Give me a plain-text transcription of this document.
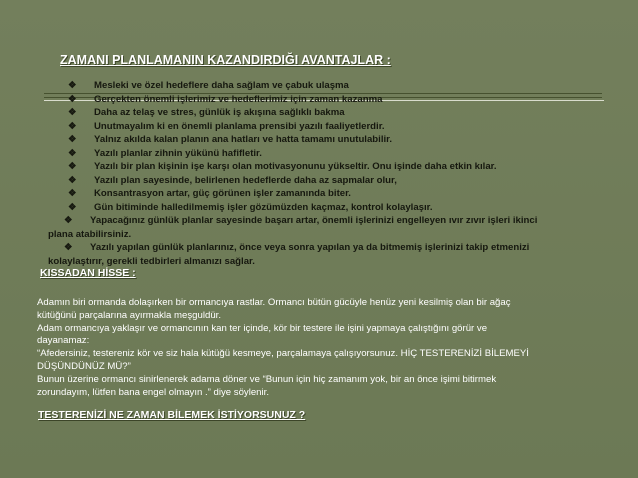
ZAMANI PLANLAMANIN KAZANDIRDIĞI AVANTAJLAR :
❖ Mesleki ve özel hedeflere daha sağlam ve çabuk ulaşma
❖ Gerçekten önemli işlerimiz ve hedeflerimiz için zaman kazanma
❖ Daha az telaş ve stres, günlük iş akışına sağlıklı bakma
❖ Unutmayalım ki en önemli planlama prensibi yazılı faaliyetlerdir.
❖ Yalnız akılda kalan planın ana hatları ve hatta tamamı unutulabilir.
❖ Yazılı planlar zihnin yükünü hafifletir.
❖ Yazılı bir plan kişinin işe karşı olan motivasyonunu yükseltir. Onu işinde daha etkin kılar.
❖ Yazılı plan sayesinde, belirlenen hedeflerde daha az sapmalar olur,
❖ Konsantrasyon artar, güç görünen işler zamanında biter.
❖ Gün bitiminde halledilmemiş işler gözümüzden kaçmaz, kontrol kolaylaşır.
❖ Yapacağınız günlük planlar sayesinde başarı artar, önemli işlerinizi engelleyen ıvır zıvır işleri ikinci
plana atabilirsiniz.
❖ Yazılı yapılan günlük planlarınız, önce veya sonra yapılan ya da bitmemiş işlerinizi takip etmenizi
kolaylaştırır, gerekli tedbirleri almanızı sağlar.
KISSADAN HİSSE :

Adamın biri ormanda dolaşırken bir ormancıya rastlar. Ormancı bütün gücüyle henüz yeni kesilmiş olan bir ağaç

kütüğünü parçalarına ayırmakla meşguldür.

Adam ormancıya yaklaşır ve ormancının kan ter içinde, kör bir testere ile işini yapmaya çalıştığını görür ve

dayanamaz:

“Afedersiniz, testereniz kör ve siz hala kütüğü kesmeye, parçalamaya çalışıyorsunuz. HİÇ TESTERENİZİ BİLEMEYİ

DÜŞÜNDÜNÜZ MÜ?”

Bunun üzerine ormancı sinirlenerek adama döner ve “Bunun için hiç zamanım yok, bir an önce işimi bitirmek

zorundayım, lütfen bana engel olmayın .” diye söylenir.

TESTERENİZİ NE ZAMAN BİLEMEK İSTİYORSUNUZ ?
